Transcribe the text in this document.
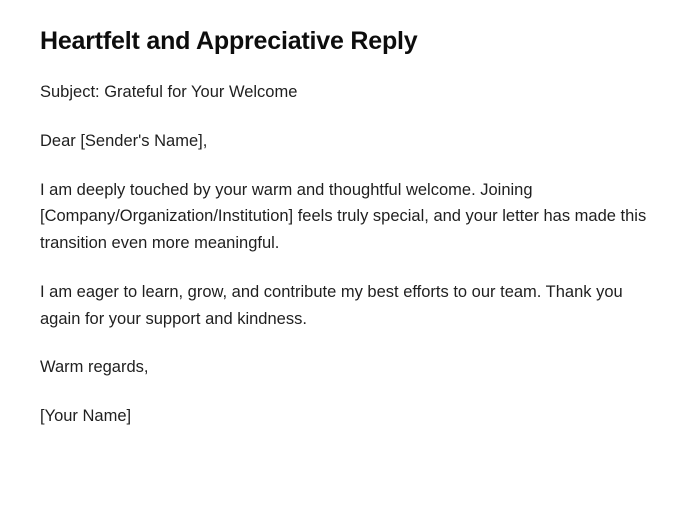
Heartfelt and Appreciative Reply

Subject: Grateful for Your Welcome

Dear [Sender's Name],

I am deeply touched by your warm and thoughtful welcome. Joining [Company/Organization/Institution] feels truly special, and your letter has made this transition even more meaningful.

I am eager to learn, grow, and contribute my best efforts to our team. Thank you again for your support and kindness.

Warm regards,

[Your Name]
